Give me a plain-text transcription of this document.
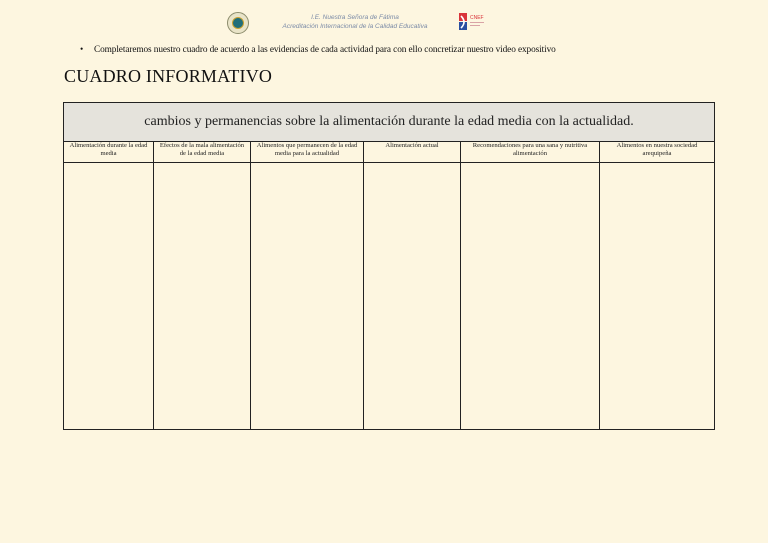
I.E. Nuestra Señora de Fátima
Acreditación Internacional de la Calidad Educativa
CNEF
• Completaremos nuestro cuadro de acuerdo a las evidencias de cada actividad para con ello concretizar nuestro video expositivo
CUADRO INFORMATIVO
cambios y permanencias sobre la alimentación durante la edad media con la actualidad.
Alimentación durante la edad media
Efectos de la mala alimentación de la edad media
Alimentos que permanecen de la edad media para la actualidad
Alimentación actual	Recomendaciones para una sana y nutritiva alimentación
Alimentos en nuestra sociedad arequipeña
